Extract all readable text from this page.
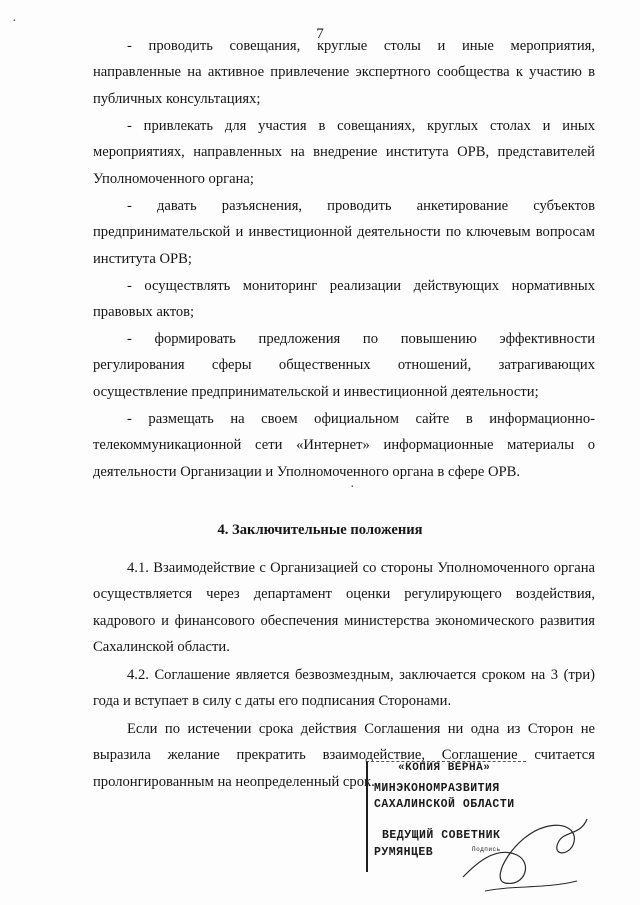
7

- проводить совещания, круглые столы и иные мероприятия, направленные на активное привлечение экспертного сообщества к участию в публичных консультациях;

- привлекать для участия в совещаниях, круглых столах и иных мероприятиях, направленных на внедрение института ОРВ, представителей Уполномоченного органа;

- давать разъяснения, проводить анкетирование субъектов предпринимательской и инвестиционной деятельности по ключевым вопросам института ОРВ;

- осуществлять мониторинг реализации действующих нормативных правовых актов;

- формировать предложения по повышению эффективности регулирования сферы общественных отношений, затрагивающих осуществление предпринимательской и инвестиционной деятельности;

- размещать на своем официальном сайте в информационно-телекоммуникационной сети «Интернет» информационные материалы о деятельности Организации и Уполномоченного органа в сфере ОРВ.

4. Заключительные положения

4.1. Взаимодействие с Организацией со стороны Уполномоченного органа осуществляется через департамент оценки регулирующего воздействия, кадрового и финансового обеспечения министерства экономического развития Сахалинской области.

4.2. Соглашение является безвозмездным, заключается сроком на 3 (три) года и вступает в силу с даты его подписания Сторонами.

Если по истечении срока действия Соглашения ни одна из Сторон не выразила желание прекратить взаимодействие, Соглашение считается пролонгированным на неопределенный срок.

·
·
«КОПИЯ ВЕРНА»
МИНЭКОНОМРАЗВИТИЯ
САХАЛИНСКОЙ ОБЛАСТИ
ВЕДУЩИЙ СОВЕТНИК
РУМЯНЦЕВ	Подпись
